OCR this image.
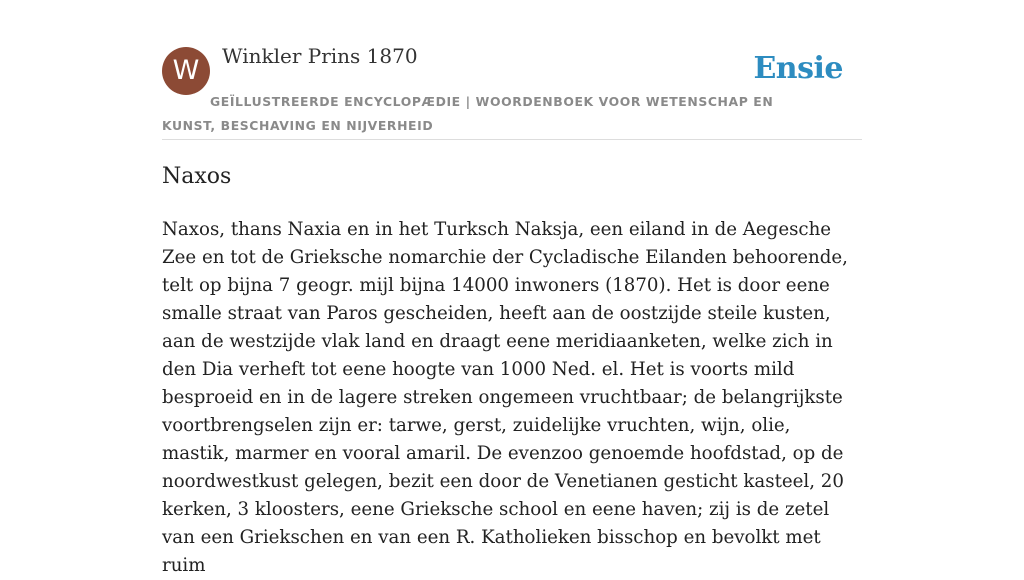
W	Winkler Prins 1870	Ensie
GEÏLLUSTREERDE ENCYCLOPÆDIE | WOORDENBOEK VOOR WETENSCHAP EN KUNST, BESCHAVING EN NIJVERHEID
Naxos

Naxos, thans Naxia en in het Turksch Naksja, een eiland in de Aegesche Zee en tot de Grieksche nomarchie der Cycladische Eilanden behoorende, telt op bijna 7 geogr. mijl bijna 14000 inwoners (1870). Het is door eene smalle straat van Paros gescheiden, heeft aan de oostzijde steile kusten, aan de westzijde vlak land en draagt eene meridiaanketen, welke zich in den Dia verheft tot eene hoogte van 1000 Ned. el. Het is voorts mild besproeid en in de lagere streken ongemeen vruchtbaar; de belangrijkste voortbrengselen zijn er: tarwe, gerst, zuidelijke vruchten, wijn, olie, mastik, marmer en vooral amaril. De evenzoo genoemde hoofdstad, op de noordwestkust gelegen, bezit een door de Venetianen gesticht kasteel, 20 kerken, 3 kloosters, eene Grieksche school en eene haven; zij is de zetel van een Griekschen en van een R. Katholieken bisschop en bevolkt met ruim
